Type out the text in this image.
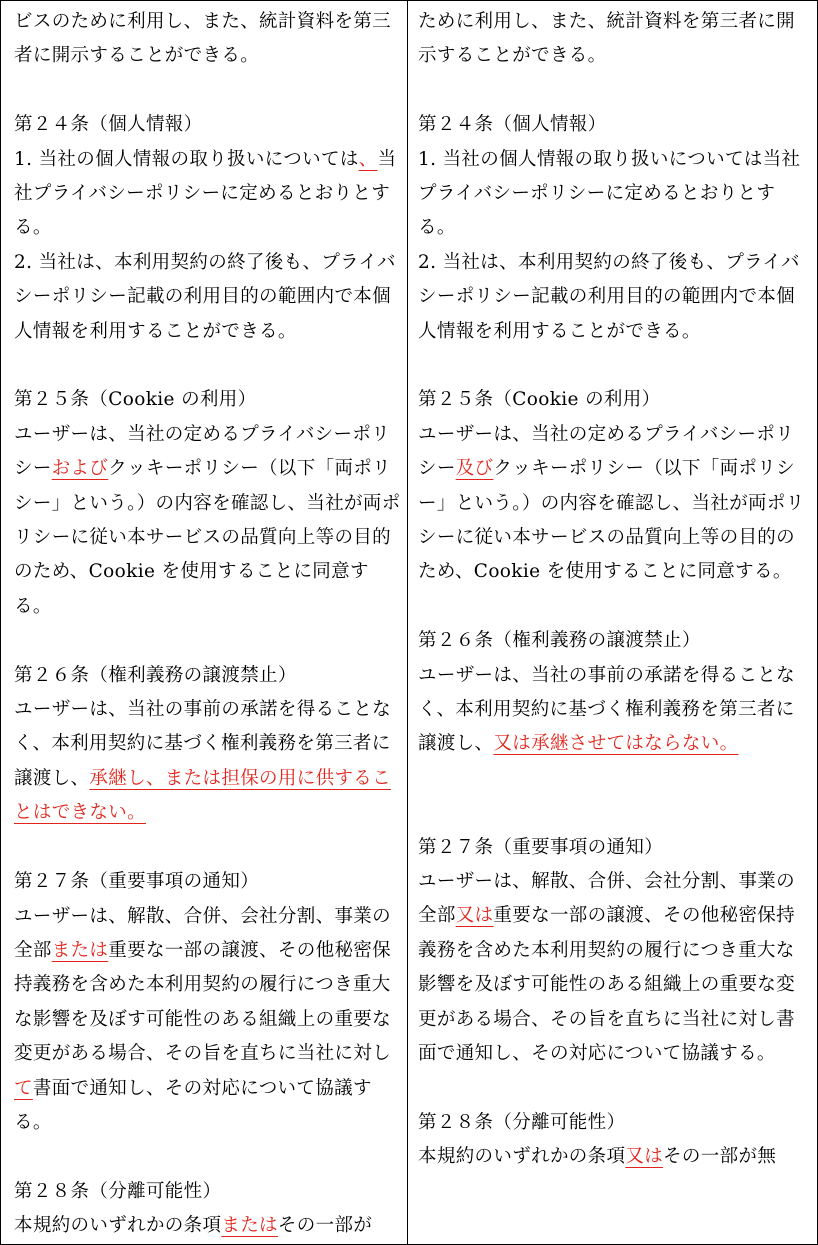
ビスのために利用し、また、統計資料を第三者に開示することができる。

第２４条（個人情報）

1. 当社の個人情報の取り扱いについては、当社プライバシーポリシーに定めるとおりとする。

2. 当社は、本利用契約の終了後も、プライバシーポリシー記載の利用目的の範囲内で本個人情報を利用することができる。

第２５条（Cookie の利用）

ユーザーは、当社の定めるプライバシーポリシーおよびクッキーポリシー（以下「両ポリシー」という。）の内容を確認し、当社が両ポリシーに従い本サービスの品質向上等の目的のため、Cookie を使用することに同意する。

第２６条（権利義務の譲渡禁止）

ユーザーは、当社の事前の承諾を得ることなく、本利用契約に基づく権利義務を第三者に譲渡し、承継し、または担保の用に供することはできない。

第２７条（重要事項の通知）

ユーザーは、解散、合併、会社分割、事業の全部または重要な一部の譲渡、その他秘密保持義務を含めた本利用契約の履行につき重大な影響を及ぼす可能性のある組織上の重要な変更がある場合、その旨を直ちに当社に対して書面で通知し、その対応について協議する。

第２８条（分離可能性）

本規約のいずれかの条項またはその一部が

ために利用し、また、統計資料を第三者に開示することができる。

第２４条（個人情報）

1. 当社の個人情報の取り扱いについては当社プライバシーポリシーに定めるとおりとする。

2. 当社は、本利用契約の終了後も、プライバシーポリシー記載の利用目的の範囲内で本個人情報を利用することができる。

第２５条（Cookie の利用）

ユーザーは、当社の定めるプライバシーポリシー及びクッキーポリシー（以下「両ポリシー」という。）の内容を確認し、当社が両ポリシーに従い本サービスの品質向上等の目的のため、Cookie を使用することに同意する。

第２６条（権利義務の譲渡禁止）

ユーザーは、当社の事前の承諾を得ることなく、本利用契約に基づく権利義務を第三者に譲渡し、又は承継させてはならない。

第２７条（重要事項の通知）

ユーザーは、解散、合併、会社分割、事業の全部又は重要な一部の譲渡、その他秘密保持義務を含めた本利用契約の履行につき重大な影響を及ぼす可能性のある組織上の重要な変更がある場合、その旨を直ちに当社に対し書面で通知し、その対応について協議する。

第２８条（分離可能性）

本規約のいずれかの条項又はその一部が無
